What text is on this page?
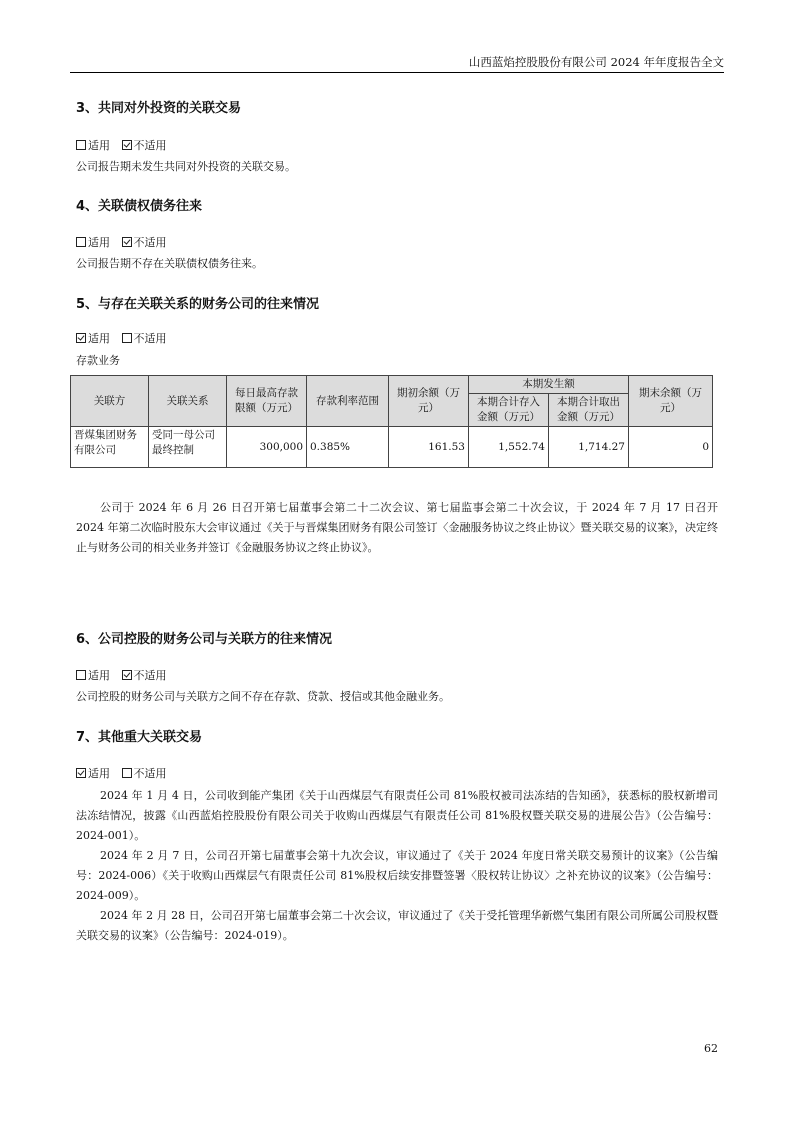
山西蓝焰控股股份有限公司 2024 年年度报告全文
3、共同对外投资的关联交易
适用 不适用
公司报告期未发生共同对外投资的关联交易。
4、关联债权债务往来
适用 不适用
公司报告期不存在关联债权债务往来。
5、与存在关联关系的财务公司的往来情况
适用 不适用
存款业务
关联方	关联关系	每日最高存款限额（万元）	存款利率范围	期初余额（万元）	本期发生额		期末余额（万元）
					本期合计存入金额（万元）	本期合计取出金额（万元）	
晋煤集团财务有限公司	受同一母公司最终控制	300,000	0.385%	161.53	1,552.74	1,714.27	0

公司于 2024 年 6 月 26 日召开第七届董事会第二十二次会议、第七届监事会第二十次会议，于 2024 年 7 月 17 日召开 2024 年第二次临时股东大会审议通过《关于与晋煤集团财务有限公司签订〈金融服务协议之终止协议〉暨关联交易的议案》，决定终止与财务公司的相关业务并签订《金融服务协议之终止协议》。

6、公司控股的财务公司与关联方的往来情况
适用 不适用
公司控股的财务公司与关联方之间不存在存款、贷款、授信或其他金融业务。
7、其他重大关联交易
适用 不适用

2024 年 1 月 4 日，公司收到能产集团《关于山西煤层气有限责任公司 81%股权被司法冻结的告知函》，获悉标的股权新增司法冻结情况，披露《山西蓝焰控股股份有限公司关于收购山西煤层气有限责任公司 81%股权暨关联交易的进展公告》（公告编号：2024-001）。

2024 年 2 月 7 日，公司召开第七届董事会第十九次会议，审议通过了《关于 2024 年度日常关联交易预计的议案》（公告编号：2024-006）《关于收购山西煤层气有限责任公司 81%股权后续安排暨签署〈股权转让协议〉之补充协议的议案》（公告编号：2024-009）。

2024 年 2 月 28 日，公司召开第七届董事会第二十次会议，审议通过了《关于受托管理华新燃气集团有限公司所属公司股权暨关联交易的议案》（公告编号：2024-019）。

62
